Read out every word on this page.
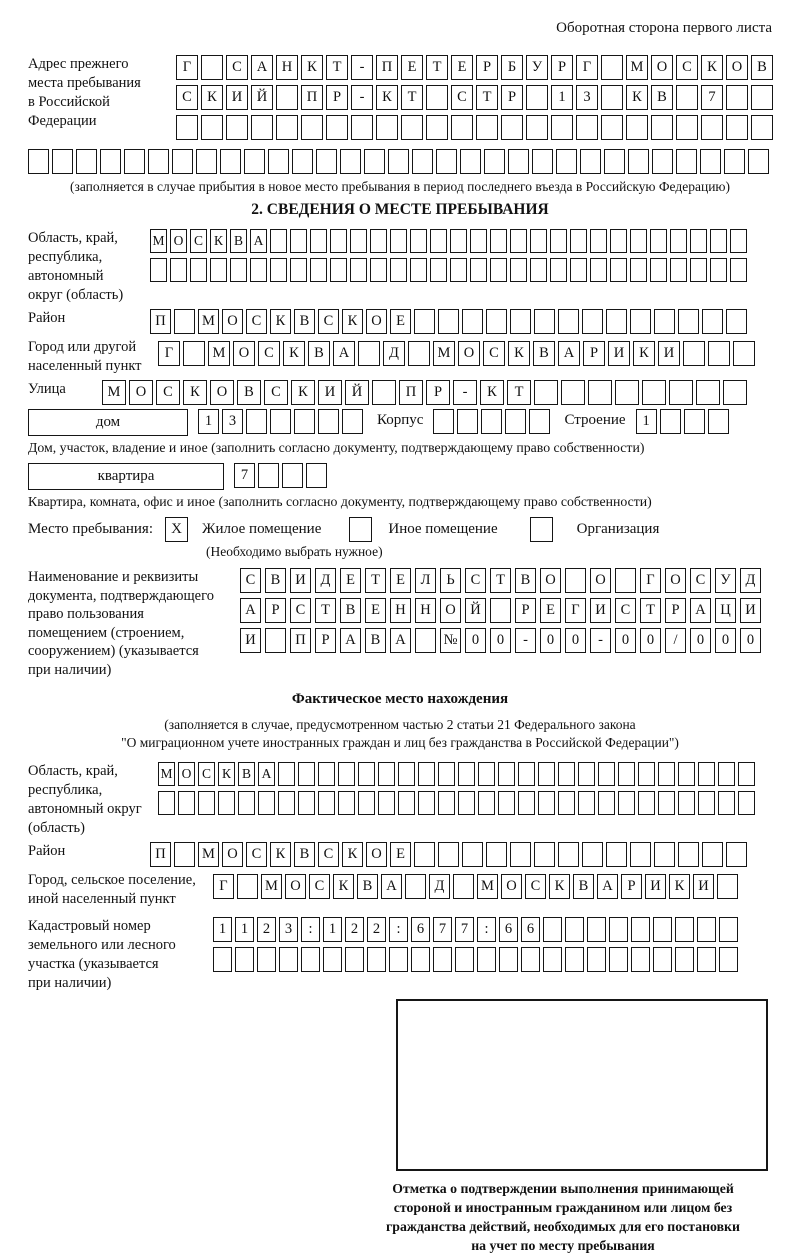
Оборотная сторона первого листа
Адрес прежнего
места пребывания
в Российской
Федерации
Г	С	А	Н	К	Т	-	П	Е	Т	Е	Р	Б	У	Р	Г	М О	С	К	О	В
С	К	И	Й	П	Р	-	К	Т	С	Т	Р	1	3	К	В	7
(заполняется в случае прибытия в новое место пребывания в период последнего въезда в Российскую Федерацию)
2. СВЕДЕНИЯ О МЕСТЕ ПРЕБЫВАНИЯ
Область, край,
республика,
автономный
округ (область)
М О С К В А
Район	П	М О С К В С К О Е
Город или другой
населенный пункт
Г	М О	С	К	В	А	Д	М О	С	К	В	А	Р	И	К	И
Улица	М	О	С	К	О	В	С	К	И	Й	П	Р	-	К	Т
дом	1	3	Корпус	Строение	1
Дом, участок, владение и иное (заполнить согласно документу, подтверждающему право собственности)
квартира	7
Квартира, комната, офис и иное (заполнить согласно документу, подтверждающему право собственности)
Место пребывания:	X	Жилое помещение	Иное помещение	Организация
(Необходимо выбрать нужное)
Наименование и реквизиты
документа, подтверждающего
право пользования
помещением (строением,
сооружением) (указывается
при наличии)
С	В	И	Д	Е	Т	Е	Л	Ь	С	Т	В	О	О	Г	О	С	У	Д
А	Р	С	Т	В	Е	Н	Н	О	Й	Р	Е	Г	И	С	Т	Р	А	Ц	И
И	П	Р	А	В	А	№ 0	0	-	0	0	-	0	0	/	0	0	0
Фактическое место нахождения
(заполняется в случае, предусмотренном частью 2 статьи 21 Федерального закона
"О миграционном учете иностранных граждан и лиц без гражданства в Российской Федерации")
Область, край,
республика,
автономный округ
(область)
М О С К В А
Район	П	М О С К В С К О Е
Город, сельское поселение,
иной населенный пункт
Г	М О С К В А	Д	М О С К В А	Р	И К И
Кадастровый номер
земельного или лесного
участка (указывается
при наличии)
1	1	2	3	:	1	2	2	:	6	7	7	:	6	6
Отметка о подтверждении выполнения принимающей
стороной и иностранным гражданином или лицом без
гражданства действий, необходимых для его постановки
на учет по месту пребывания
